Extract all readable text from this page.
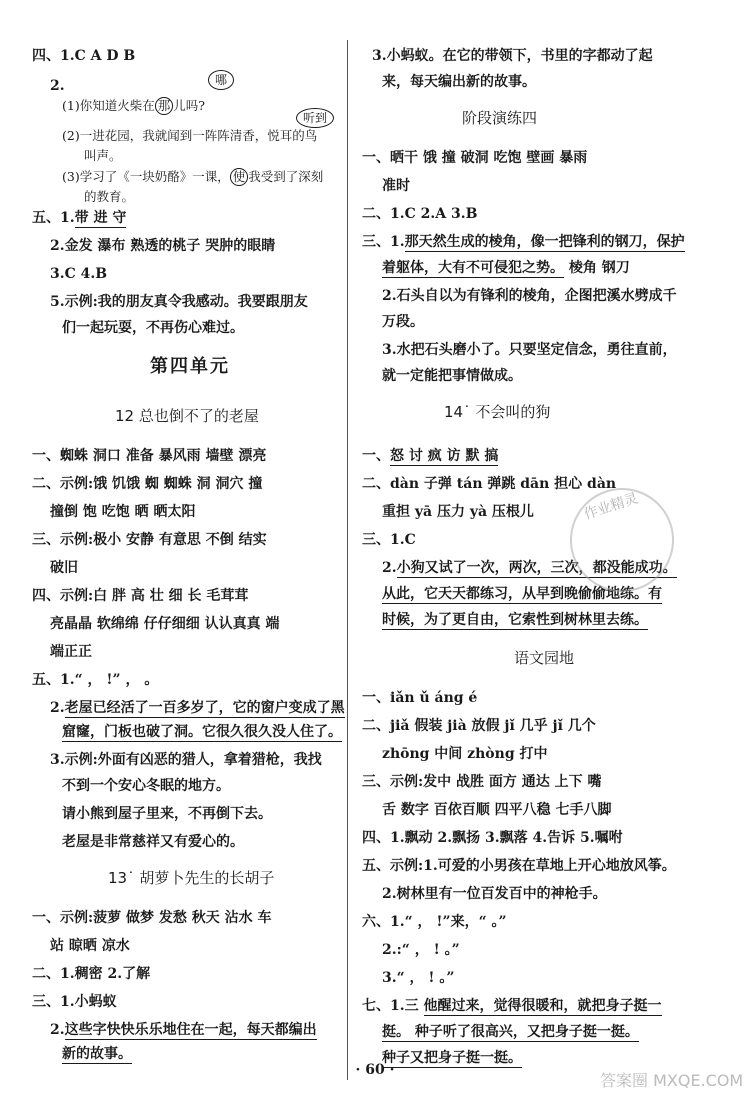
四、1.C A D B
2.	哪
(1)你知道火柴在 那 儿吗?
听到
(2)一进花园，我就闻到一阵阵清香，悦耳的鸟
叫声。
(3)学习了《一块奶酪》一课， 使 我受到了深刻
的教育。
五、1.带 进 守
2.金发 瀑布 熟透的桃子 哭肿的眼睛
3.C 4.B
5.示例:我的朋友真令我感动。我要跟朋友
们一起玩耍，不再伤心难过。
第四单元
12 总也倒不了的老屋
一、蜘蛛 洞口 准备 暴风雨 墙壁 漂亮
二、示例:饿 饥饿 蜘 蜘蛛 洞 洞穴 撞
撞倒 饱 吃饱 晒 晒太阳
三、示例:极小 安静 有意思 不倒 结实
破旧
四、示例:白 胖 高 壮 细 长 毛茸茸
亮晶晶 软绵绵 仔仔细细 认认真真 端
端正正
五、1.“ ， !” ， 。
2.老屋已经活了一百多岁了，它的窗户变成了黑
窟窿，门板也破了洞。它很久很久没人住了。
3.示例:外面有凶恶的猎人，拿着猎枪，我找
不到一个安心冬眠的地方。
请小熊到屋子里来，不再倒下去。
老屋是非常慈祥又有爱心的。
13˙ 胡萝卜先生的长胡子
一、示例:菠萝 做梦 发愁 秋天 沾水 车
站 晾晒 凉水
二、1.稠密 2.了解
三、1.小蚂蚁
2.这些字快快乐乐地住在一起，每天都编出
新的故事。
3.小蚂蚁。在它的带领下，书里的字都动了起
来，每天编出新的故事。
阶段演练四
一、晒干 饿 撞 破洞 吃饱 壁画 暴雨
准时
二、1.C 2.A 3.B
三、1.那天然生成的棱角，像一把锋利的钢刀，保护
着躯体，大有不可侵犯之势。 棱角 钢刀
2.石头自以为有锋利的棱角，企图把溪水劈成千
万段。
3.水把石头磨小了。只要坚定信念，勇往直前，
就一定能把事情做成。
14˙ 不会叫的狗
一、怒 讨 疯 访 默 搞
二、dàn 子弹 tán 弹跳 dān 担心 dàn
重担 yā 压力 yà 压根儿
三、1.C
2.小狗又试了一次，两次，三次，都没能成功。
从此，它天天都练习，从早到晚偷偷地练。有
时候，为了更自由，它索性到树林里去练。
语文园地
一、iǎn ǔ áng é
二、jiǎ 假装 jià 放假 jǐ 几乎 jǐ 几个
zhōng 中间 zhòng 打中
三、示例:发中 战胜 面方 通达 上下 嘴
舌 数字 百依百顺 四平八稳 七手八脚
四、1.飘动 2.飘扬 3.飘落 4.告诉 5.嘱咐
五、示例:1.可爱的小男孩在草地上开心地放风筝。
2.树林里有一位百发百中的神枪手。
六、1.“ ， !”来，“ 。”
2.:“ ， ! 。”
3.“ ， ! 。”
七、1.三 他醒过来，觉得很暖和，就把身子挺一
挺。 种子听了很高兴，又把身子挺一挺。
种子又把身子挺一挺。
作业精灵
· 60 ·
答案圈 MXQE.COM
